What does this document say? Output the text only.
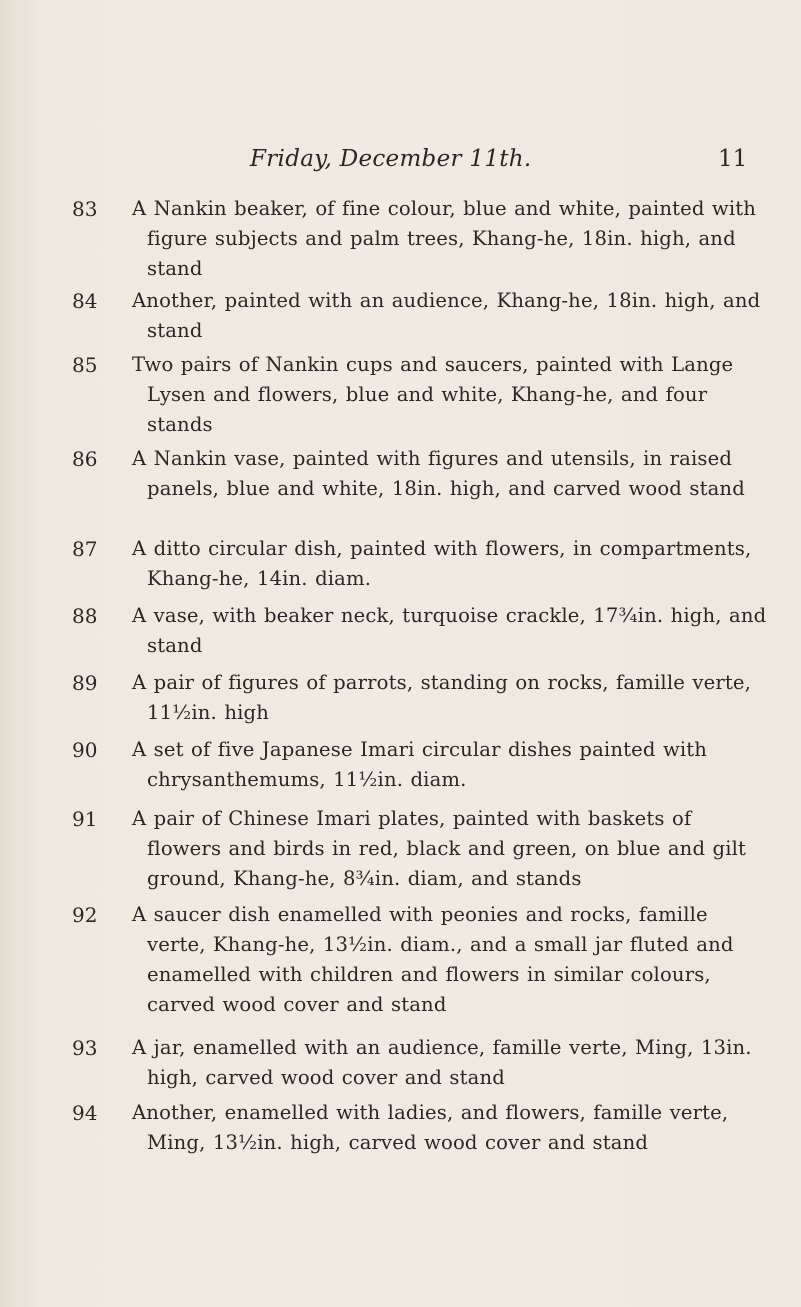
Friday, December 11th.	11
83	A Nankin beaker, of fine colour, blue and white, painted with figure subjects and palm trees, Khang-he, 18in. high, and stand
84	Another, painted with an audience, Khang-he, 18in. high, and stand
85	Two pairs of Nankin cups and saucers, painted with Lange Lysen and flowers, blue and white, Khang-he, and four stands
86	A Nankin vase, painted with figures and utensils, in raised panels, blue and white, 18in. high, and carved wood stand
87	A ditto circular dish, painted with flowers, in compartments, Khang-he, 14in. diam.
88	A vase, with beaker neck, turquoise crackle, 17¾in. high, and stand
89	A pair of figures of parrots, standing on rocks, famille verte, 11½in. high
90	A set of five Japanese Imari circular dishes painted with chrysanthemums, 11½in. diam.
91	A pair of Chinese Imari plates, painted with baskets of flowers and birds in red, black and green, on blue and gilt ground, Khang-he, 8¾in. diam, and stands
92	A saucer dish enamelled with peonies and rocks, famille verte, Khang-he, 13½in. diam., and a small jar fluted and enamelled with children and flowers in similar colours, carved wood cover and stand
93	A jar, enamelled with an audience, famille verte, Ming, 13in. high, carved wood cover and stand
94	Another, enamelled with ladies, and flowers, famille verte, Ming, 13½in. high, carved wood cover and stand
